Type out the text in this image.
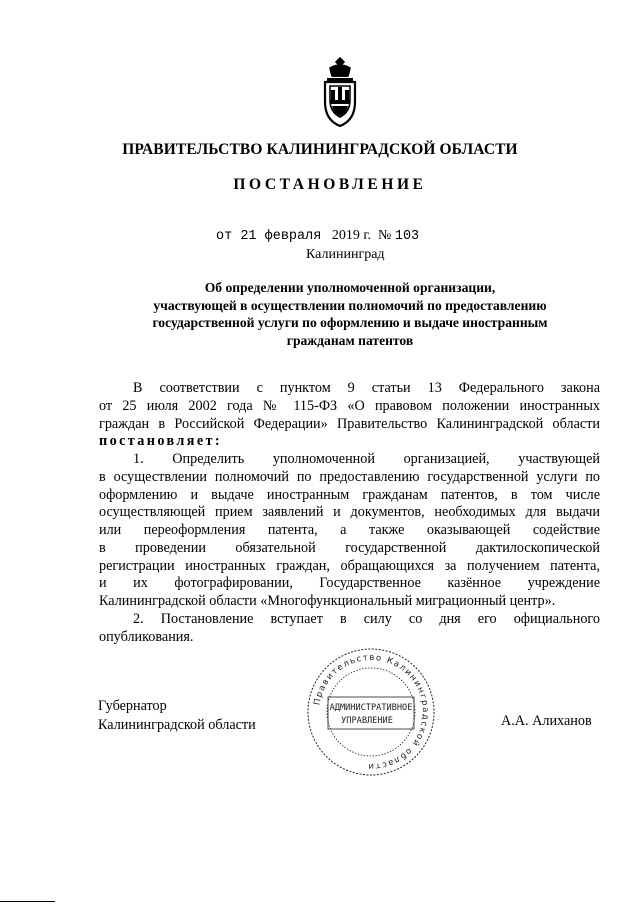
ПРАВИТЕЛЬСТВО КАЛИНИНГРАДСКОЙ ОБЛАСТИ
ПОСТАНОВЛЕНИЕ
от 21 февраля 2019 г. № 103
Калининград
Об определении уполномоченной организации,
участвующей в осуществлении полномочий по предоставлению
государственной услуги по оформлению и выдаче иностранным
гражданам патентов
В соответствии с пунктом 9 статьи 13 Федерального закона
от 25 июля 2002 года № 115-ФЗ «О правовом положении иностранных
граждан в Российской Федерации» Правительство Калининградской области
постановляет:
1. Определить уполномоченной организацией, участвующей
в осуществлении полномочий по предоставлению государственной услуги по
оформлению и выдаче иностранным гражданам патентов, в том числе
осуществляющей прием заявлений и документов, необходимых для выдачи
или переоформления патента, а также оказывающей содействие
в проведении обязательной государственной дактилоскопической
регистрации иностранных граждан, обращающихся за получением патента,
и их фотографировании, Государственное казённое учреждение
Калининградской области «Многофункциональный миграционный центр».
2. Постановление вступает в силу со дня его официального
опубликования.
Правительство Калининградской области
АДМИНИСТРАТИВНОЕ
УПРАВЛЕНИЕ
Губернатор
Калининградской области	А.А. Алиханов
